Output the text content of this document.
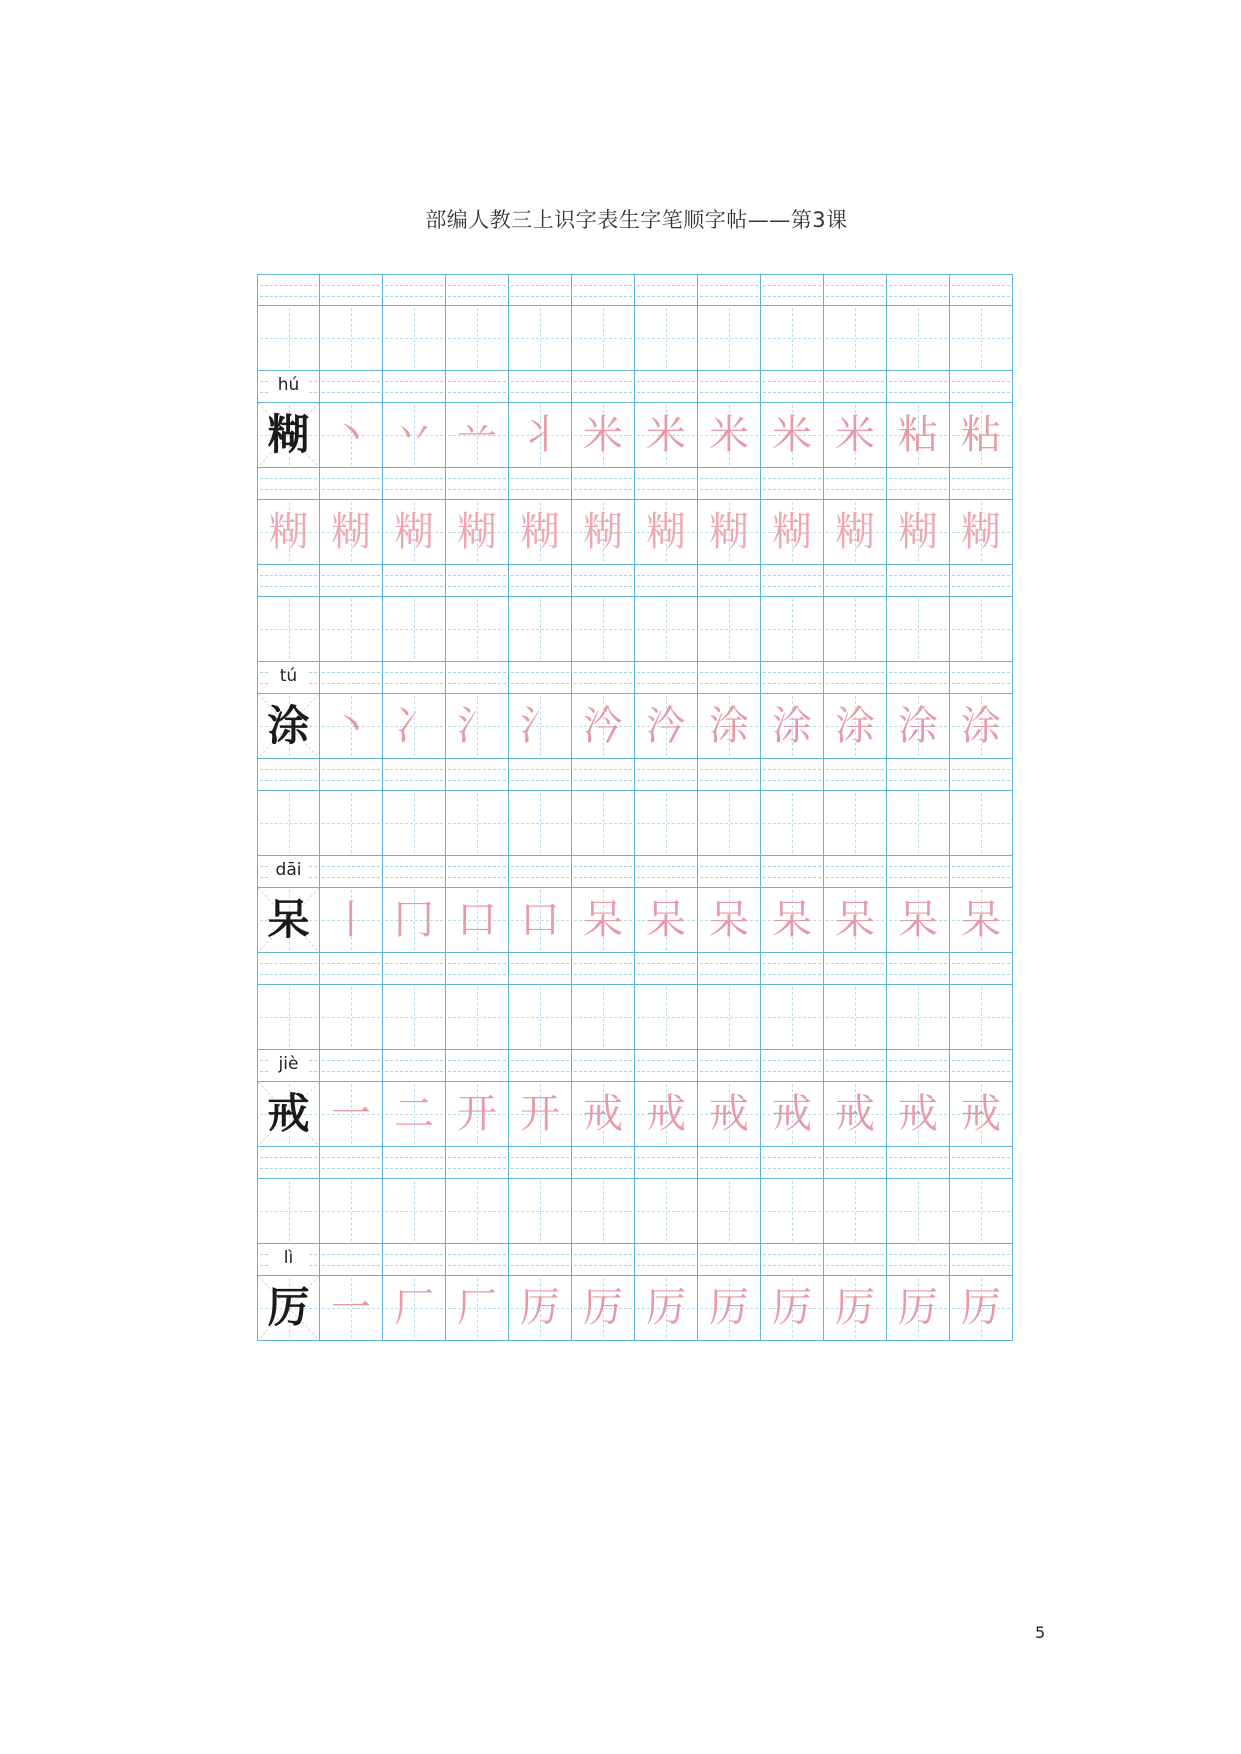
部编人教三上识字表生字笔顺字帖——第3课
hú
糊 丶 丷 䒑 丬 米 米 米 米 米 粘 粘
糊 糊 糊 糊 糊 糊 糊 糊 糊 糊 糊 糊
tú
涂 丶 冫 氵 氵 汵 汵 涂 涂 涂 涂 涂
dāi
呆 丨 冂 口 口 呆 呆 呆 呆 呆 呆 呆
jiè
戒 一 二 开 开 戒 戒 戒 戒 戒 戒 戒
lì
厉 一 厂 厂 厉 厉 厉 厉 厉 厉 厉 厉
5
